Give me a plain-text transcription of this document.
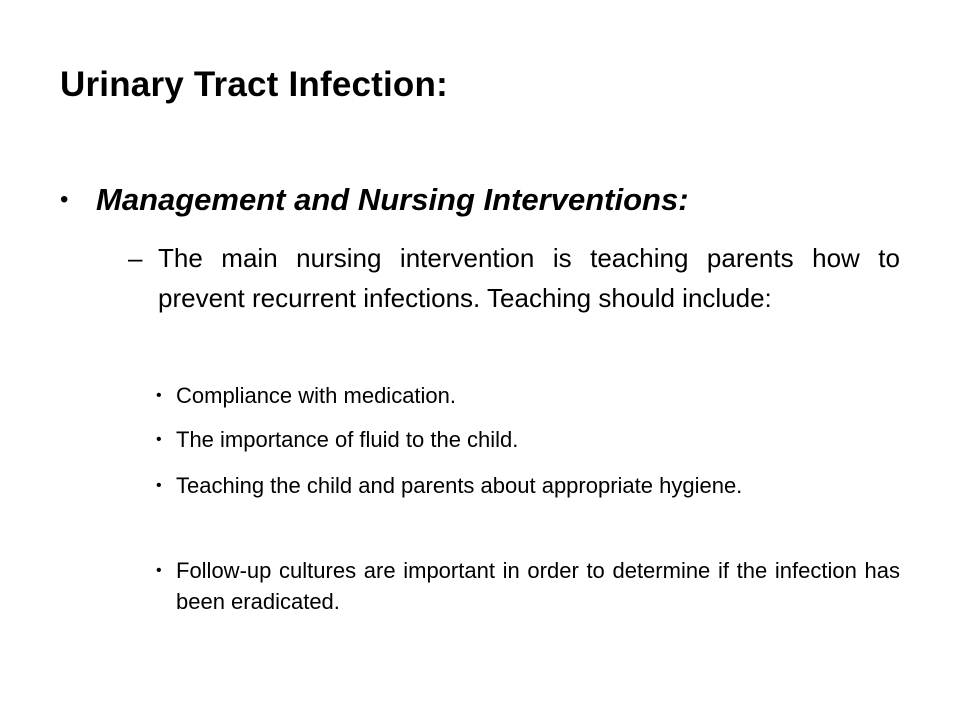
Urinary Tract Infection:
• Management and Nursing Interventions:
– The main nursing intervention is teaching parents how to prevent recurrent infections. Teaching should include:
• Compliance with medication.
• The importance of fluid to the child.
• Teaching the child and parents about appropriate hygiene.
• Follow-up cultures are important in order to determine if the infection has been eradicated.
